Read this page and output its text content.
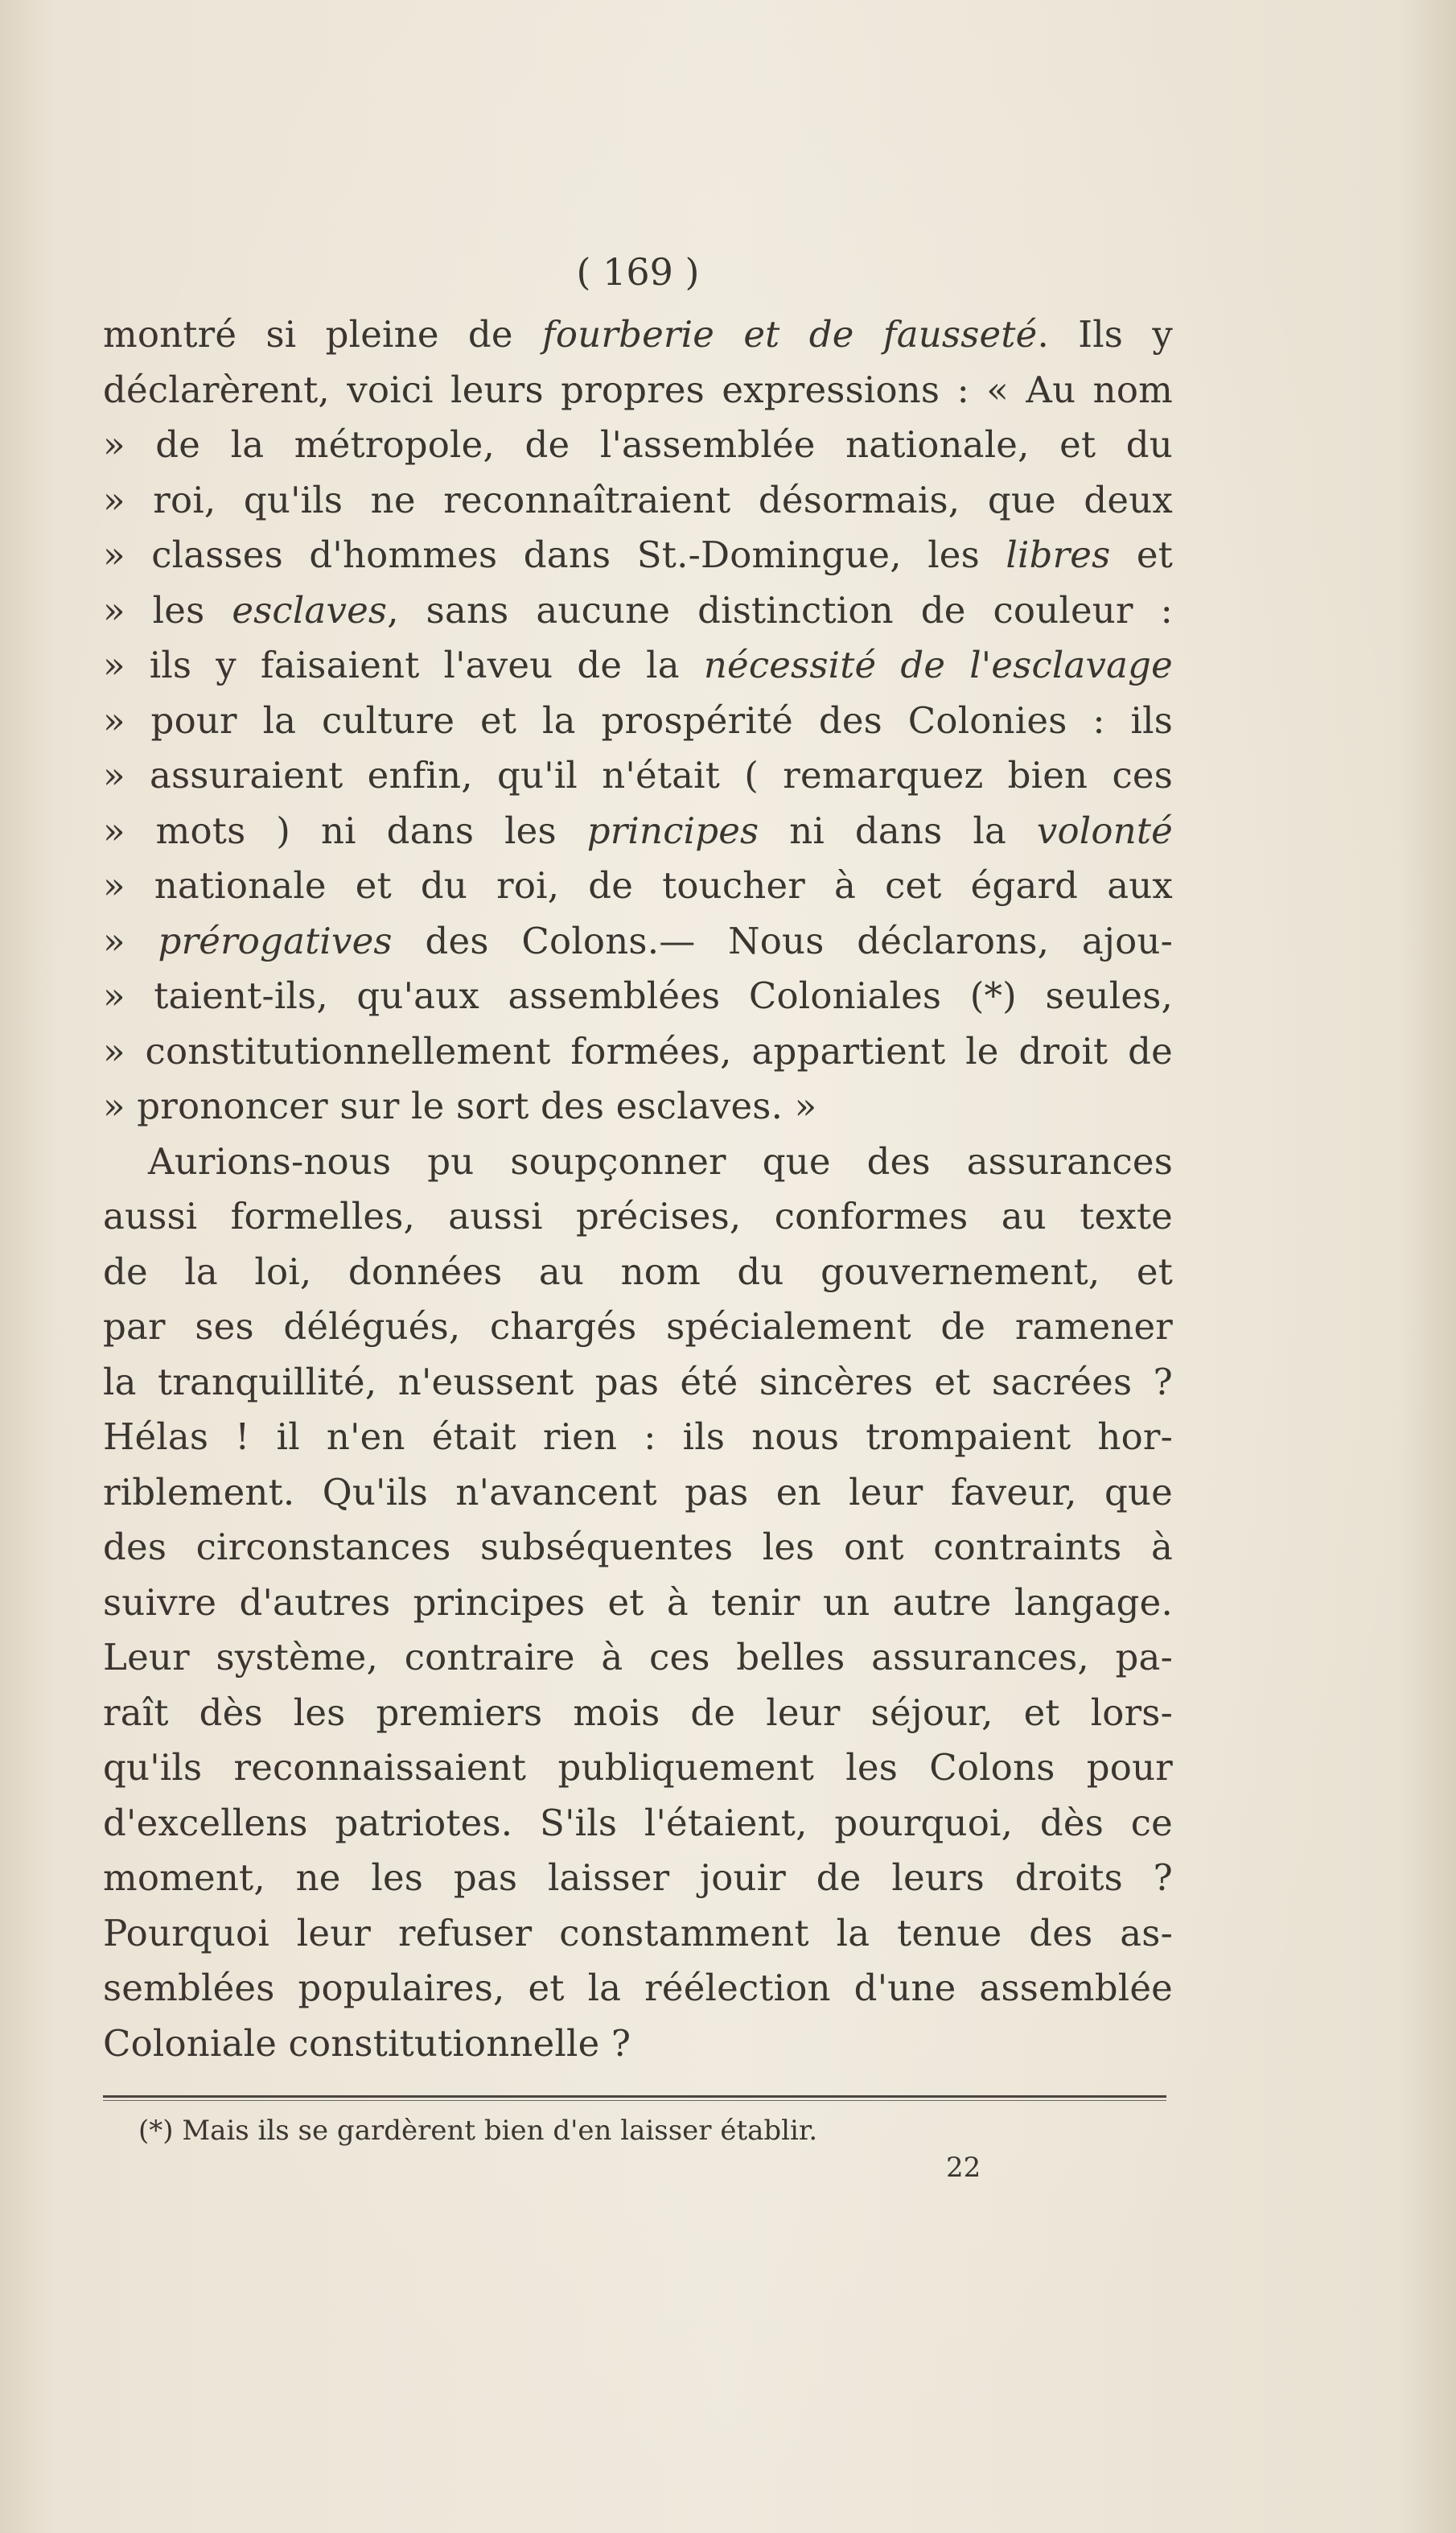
( 169 )
montré si pleine de fourberie et de fausseté. Ils y
déclarèrent, voici leurs propres expressions : « Au nom
» de la métropole, de l'assemblée nationale, et du
» roi, qu'ils ne reconnaîtraient désormais, que deux
» classes d'hommes dans St.-Domingue, les libres et
» les esclaves, sans aucune distinction de couleur :
» ils y faisaient l'aveu de la nécessité de l'esclavage
» pour la culture et la prospérité des Colonies : ils
» assuraient enfin, qu'il n'était ( remarquez bien ces
» mots ) ni dans les principes ni dans la volonté
» nationale et du roi, de toucher à cet égard aux
» prérogatives des Colons.— Nous déclarons, ajou-
» taient-ils, qu'aux assemblées Coloniales (*) seules,
» constitutionnellement formées, appartient le droit de
» prononcer sur le sort des esclaves. »
Aurions-nous pu soupçonner que des assurances
aussi formelles, aussi précises, conformes au texte
de la loi, données au nom du gouvernement, et
par ses délégués, chargés spécialement de ramener
la tranquillité, n'eussent pas été sincères et sacrées ?
Hélas ! il n'en était rien : ils nous trompaient hor-
riblement. Qu'ils n'avancent pas en leur faveur, que
des circonstances subséquentes les ont contraints à
suivre d'autres principes et à tenir un autre langage.
Leur système, contraire à ces belles assurances, pa-
raît dès les premiers mois de leur séjour, et lors-
qu'ils reconnaissaient publiquement les Colons pour
d'excellens patriotes. S'ils l'étaient, pourquoi, dès ce
moment, ne les pas laisser jouir de leurs droits ?
Pourquoi leur refuser constamment la tenue des as-
semblées populaires, et la réélection d'une assemblée
Coloniale constitutionnelle ?
(*) Mais ils se gardèrent bien d'en laisser établir.
22
